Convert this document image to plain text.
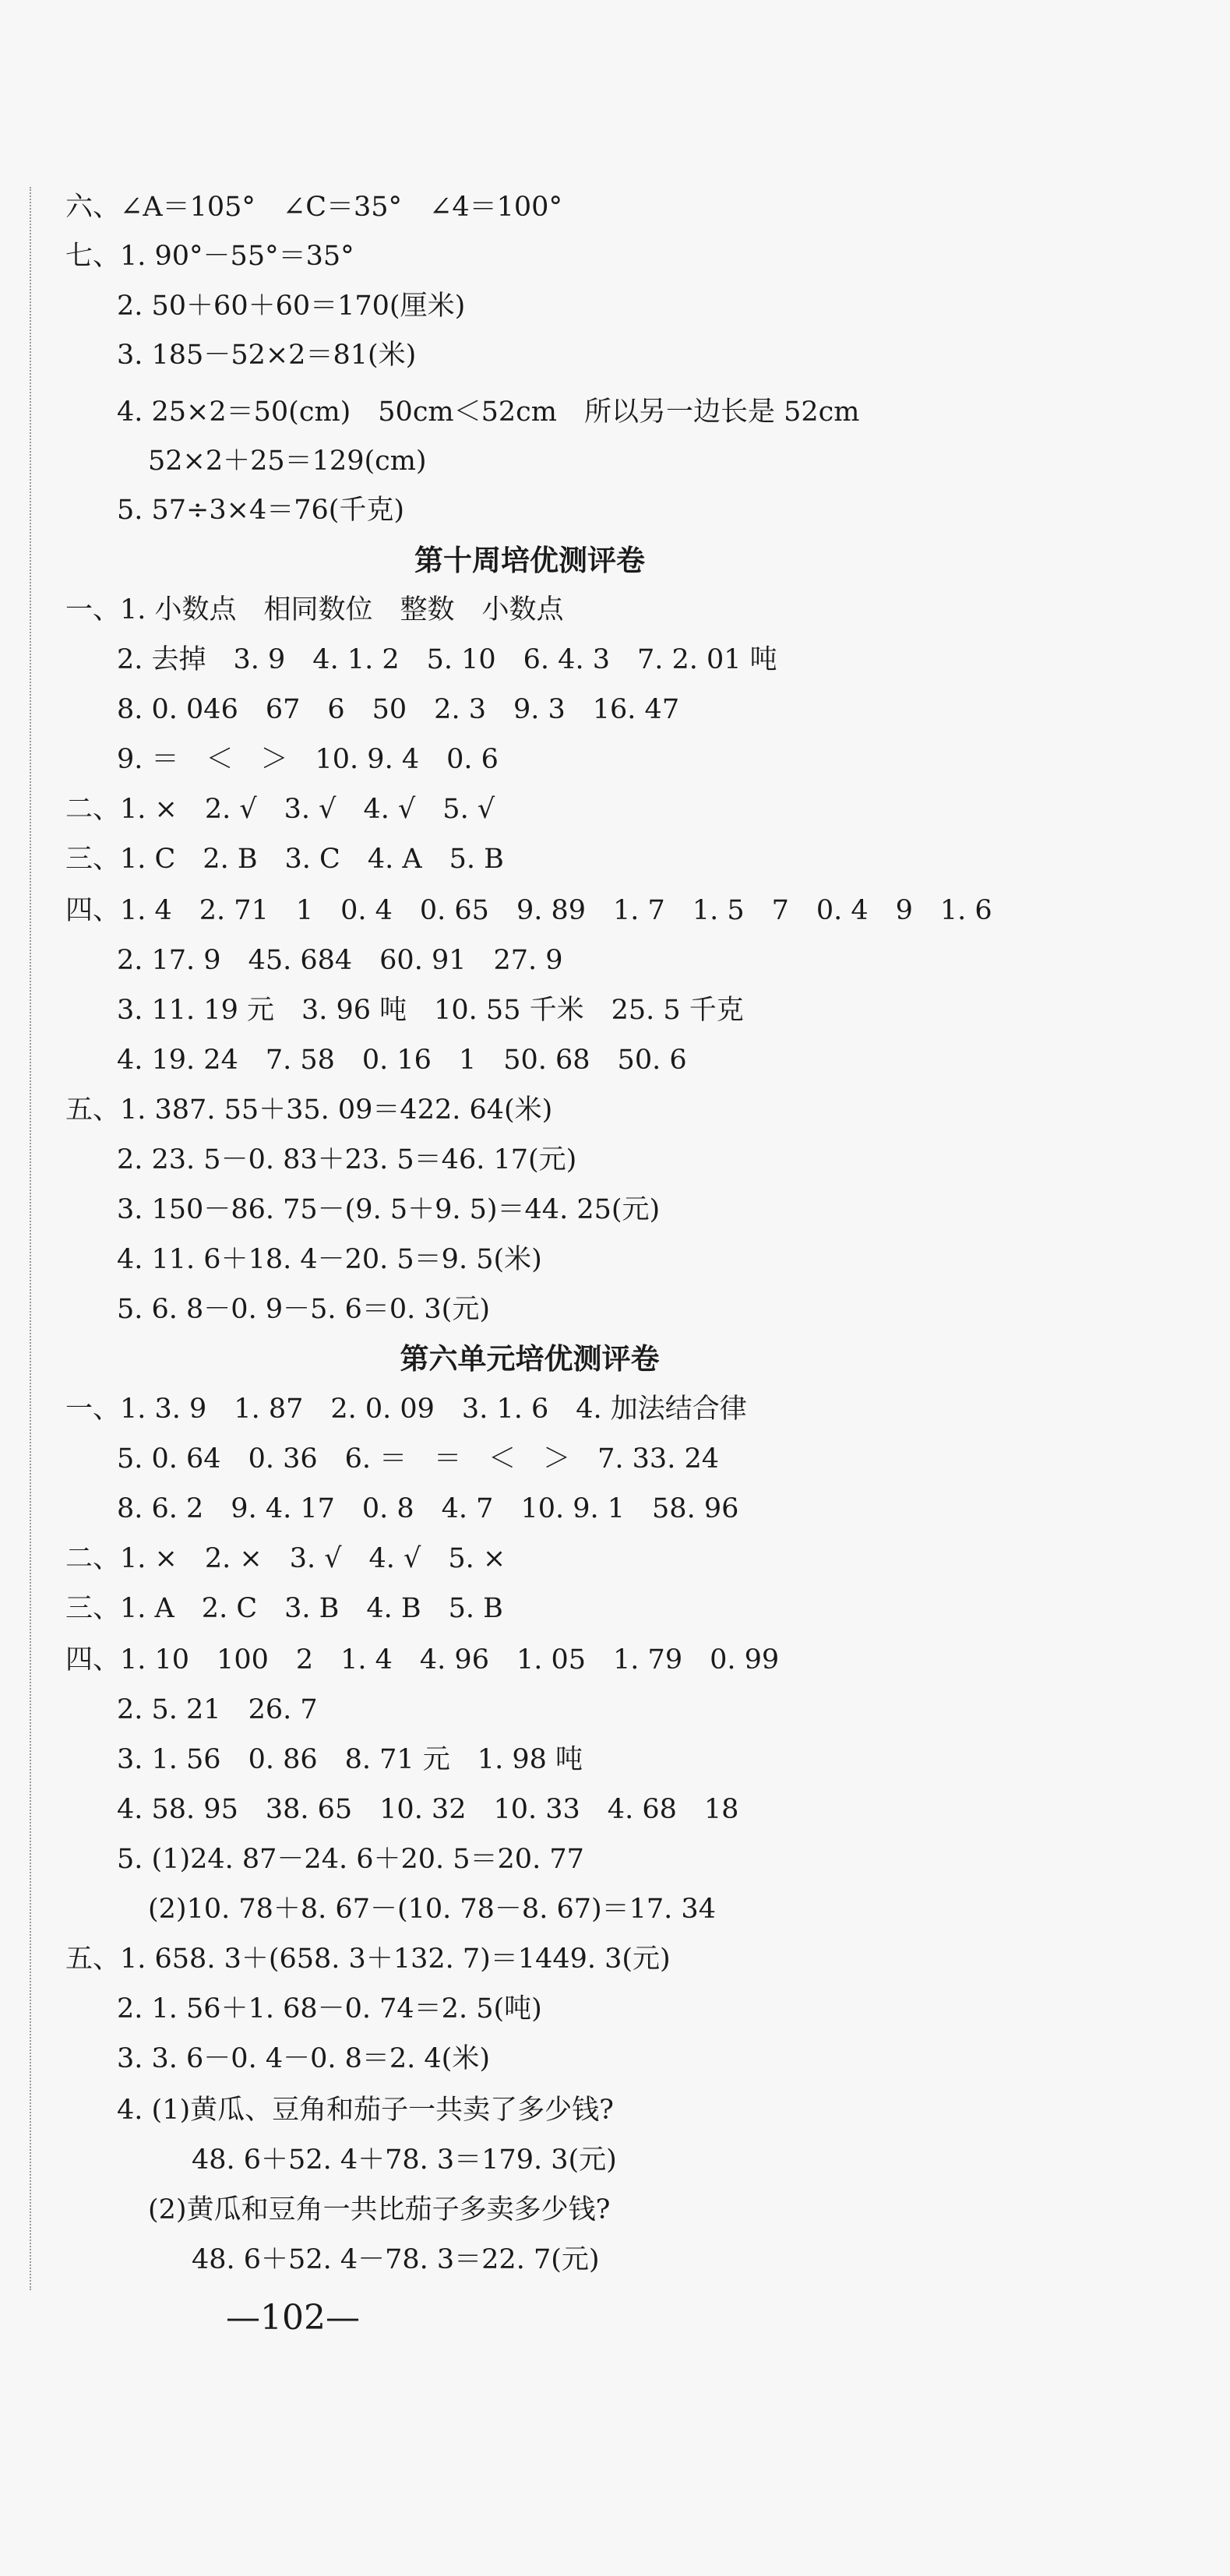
六、∠A＝105°　∠C＝35°　∠4＝100°
七、1. 90°－55°＝35°
2. 50＋60＋60＝170(厘米)
3. 185－52×2＝81(米)
4. 25×2＝50(cm)　50cm＜52cm　所以另一边长是 52cm
52×2＋25＝129(cm)
5. 57÷3×4＝76(千克)
第十周培优测评卷
一、1. 小数点　相同数位　整数　小数点
2. 去掉　3. 9　4. 1. 2　5. 10　6. 4. 3　7. 2. 01 吨
8. 0. 046　67　6　50　2. 3　9. 3　16. 47
9. ＝　＜　＞　10. 9. 4　0. 6
二、1. ×　2. √　3. √　4. √　5. √
三、1. C　2. B　3. C　4. A　5. B
四、1. 4　2. 71　1　0. 4　0. 65　9. 89　1. 7　1. 5　7　0. 4　9　1. 6
2. 17. 9　45. 684　60. 91　27. 9
3. 11. 19 元　3. 96 吨　10. 55 千米　25. 5 千克
4. 19. 24　7. 58　0. 16　1　50. 68　50. 6
五、1. 387. 55＋35. 09＝422. 64(米)
2. 23. 5－0. 83＋23. 5＝46. 17(元)
3. 150－86. 75－(9. 5＋9. 5)＝44. 25(元)
4. 11. 6＋18. 4－20. 5＝9. 5(米)
5. 6. 8－0. 9－5. 6＝0. 3(元)
第六单元培优测评卷
一、1. 3. 9　1. 87　2. 0. 09　3. 1. 6　4. 加法结合律
5. 0. 64　0. 36　6. ＝　＝　＜　＞　7. 33. 24
8. 6. 2　9. 4. 17　0. 8　4. 7　10. 9. 1　58. 96
二、1. ×　2. ×　3. √　4. √　5. ×
三、1. A　2. C　3. B　4. B　5. B
四、1. 10　100　2　1. 4　4. 96　1. 05　1. 79　0. 99
2. 5. 21　26. 7
3. 1. 56　0. 86　8. 71 元　1. 98 吨
4. 58. 95　38. 65　10. 32　10. 33　4. 68　18
5. (1)24. 87－24. 6＋20. 5＝20. 77
(2)10. 78＋8. 67－(10. 78－8. 67)＝17. 34
五、1. 658. 3＋(658. 3＋132. 7)＝1449. 3(元)
2. 1. 56＋1. 68－0. 74＝2. 5(吨)
3. 3. 6－0. 4－0. 8＝2. 4(米)
4. (1)黄瓜、豆角和茄子一共卖了多少钱?
48. 6＋52. 4＋78. 3＝179. 3(元)
(2)黄瓜和豆角一共比茄子多卖多少钱?
48. 6＋52. 4－78. 3＝22. 7(元)
—102—
